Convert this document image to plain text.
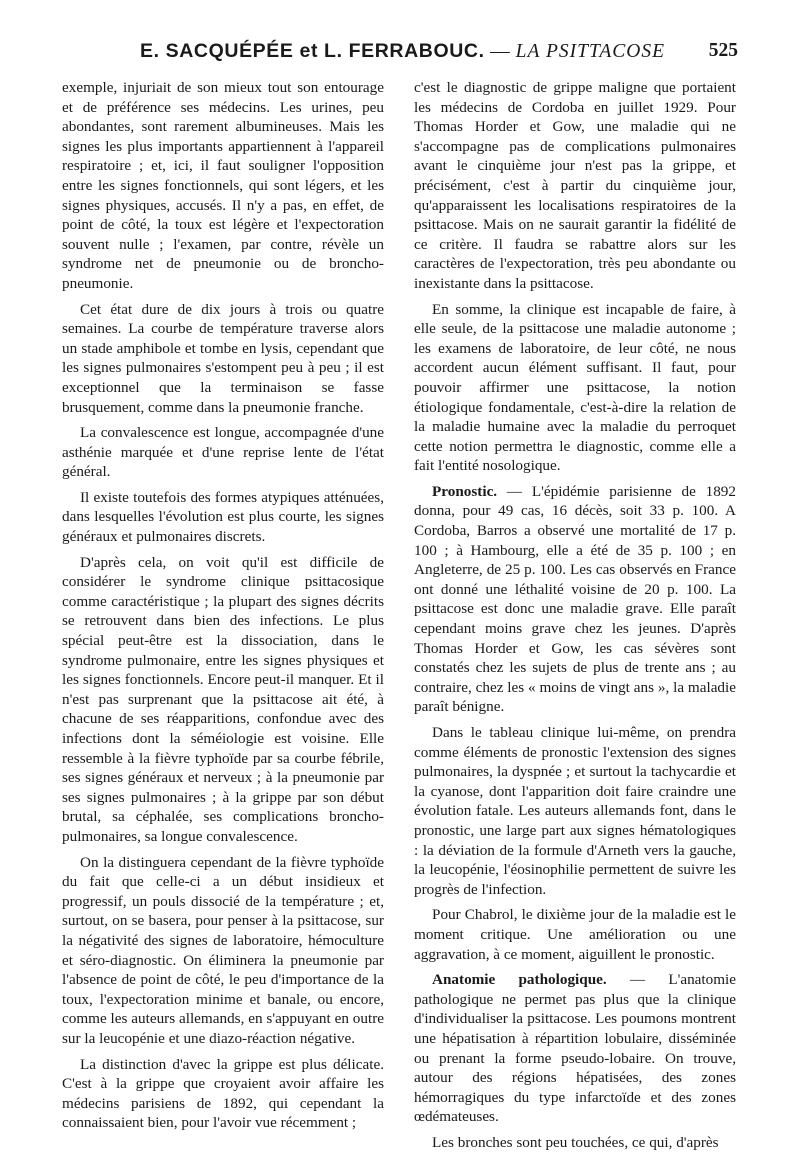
E. SACQUÉPÉE et L. FERRABOUC. — LA PSITTACOSE 525

exemple, injuriait de son mieux tout son entourage et de préférence ses médecins. Les urines, peu abondantes, sont rarement albumineuses. Mais les signes les plus importants appartiennent à l'appareil respiratoire ; et, ici, il faut souligner l'opposition entre les signes fonctionnels, qui sont légers, et les signes physiques, accusés. Il n'y a pas, en effet, de point de côté, la toux est légère et l'expectoration souvent nulle ; l'examen, par contre, révèle un syndrome net de pneumonie ou de broncho-pneumonie.

Cet état dure de dix jours à trois ou quatre semaines. La courbe de température traverse alors un stade amphibole et tombe en lysis, cependant que les signes pulmonaires s'estompent peu à peu ; il est exceptionnel que la terminaison se fasse brusquement, comme dans la pneumonie franche.

La convalescence est longue, accompagnée d'une asthénie marquée et d'une reprise lente de l'état général.

Il existe toutefois des formes atypiques atténuées, dans lesquelles l'évolution est plus courte, les signes généraux et pulmonaires discrets.

D'après cela, on voit qu'il est difficile de considérer le syndrome clinique psittacosique comme caractéristique ; la plupart des signes décrits se retrouvent dans bien des infections. Le plus spécial peut-être est la dissociation, dans le syndrome pulmonaire, entre les signes physiques et les signes fonctionnels. Encore peut-il manquer. Et il n'est pas surprenant que la psittacose ait été, à chacune de ses réapparitions, confondue avec des infections dont la séméiologie est voisine. Elle ressemble à la fièvre typhoïde par sa courbe fébrile, ses signes généraux et nerveux ; à la pneumonie par ses signes pulmonaires ; à la grippe par son début brutal, sa céphalée, ses complications broncho-pulmonaires, sa longue convalescence.

On la distinguera cependant de la fièvre typhoïde du fait que celle-ci a un début insidieux et progressif, un pouls dissocié de la température ; et, surtout, on se basera, pour penser à la psittacose, sur la négativité des signes de laboratoire, hémoculture et séro-diagnostic. On éliminera la pneumonie par l'absence de point de côté, le peu d'importance de la toux, l'expectoration minime et banale, ou encore, comme les auteurs allemands, en s'appuyant en outre sur la leucopénie et une diazo-réaction négative.

La distinction d'avec la grippe est plus délicate. C'est à la grippe que croyaient avoir affaire les médecins parisiens de 1892, qui cependant la connaissaient bien, pour l'avoir vue récemment ;

c'est le diagnostic de grippe maligne que portaient les médecins de Cordoba en juillet 1929. Pour Thomas Horder et Gow, une maladie qui ne s'accompagne pas de complications pulmonaires avant le cinquième jour n'est pas la grippe, et précisément, c'est à partir du cinquième jour, qu'apparaissent les localisations respiratoires de la psittacose. Mais on ne saurait garantir la fidélité de ce critère. Il faudra se rabattre alors sur les caractères de l'expectoration, très peu abondante ou inexistante dans la psittacose.

En somme, la clinique est incapable de faire, à elle seule, de la psittacose une maladie autonome ; les examens de laboratoire, de leur côté, ne nous accordent aucun élément suffisant. Il faut, pour pouvoir affirmer une psittacose, la notion étiologique fondamentale, c'est-à-dire la relation de la maladie humaine avec la maladie du perroquet cette notion permettra le diagnostic, comme elle a fait l'entité nosologique.

Pronostic. — L'épidémie parisienne de 1892 donna, pour 49 cas, 16 décès, soit 33 p. 100. A Cordoba, Barros a observé une mortalité de 17 p. 100 ; à Hambourg, elle a été de 35 p. 100 ; en Angleterre, de 25 p. 100. Les cas observés en France ont donné une léthalité voisine de 20 p. 100. La psittacose est donc une maladie grave. Elle paraît cependant moins grave chez les jeunes. D'après Thomas Horder et Gow, les cas sévères sont constatés chez les sujets de plus de trente ans ; au contraire, chez les « moins de vingt ans », la maladie paraît bénigne.

Dans le tableau clinique lui-même, on prendra comme éléments de pronostic l'extension des signes pulmonaires, la dyspnée ; et surtout la tachycardie et la cyanose, dont l'apparition doit faire craindre une évolution fatale. Les auteurs allemands font, dans le pronostic, une large part aux signes hématologiques : la déviation de la formule d'Arneth vers la gauche, la leucopénie, l'éosinophilie permettent de suivre les progrès de l'infection.

Pour Chabrol, le dixième jour de la maladie est le moment critique. Une amélioration ou une aggravation, à ce moment, aiguillent le pronostic.

Anatomie pathologique. — L'anatomie pathologique ne permet pas plus que la clinique d'individualiser la psittacose. Les poumons montrent une hépatisation à répartition lobulaire, disséminée ou prenant la forme pseudo-lobaire. On trouve, autour des régions hépatisées, des zones hémorragiques du type infarctoïde et des zones œdémateuses.

Les bronches sont peu touchées, ce qui, d'après
